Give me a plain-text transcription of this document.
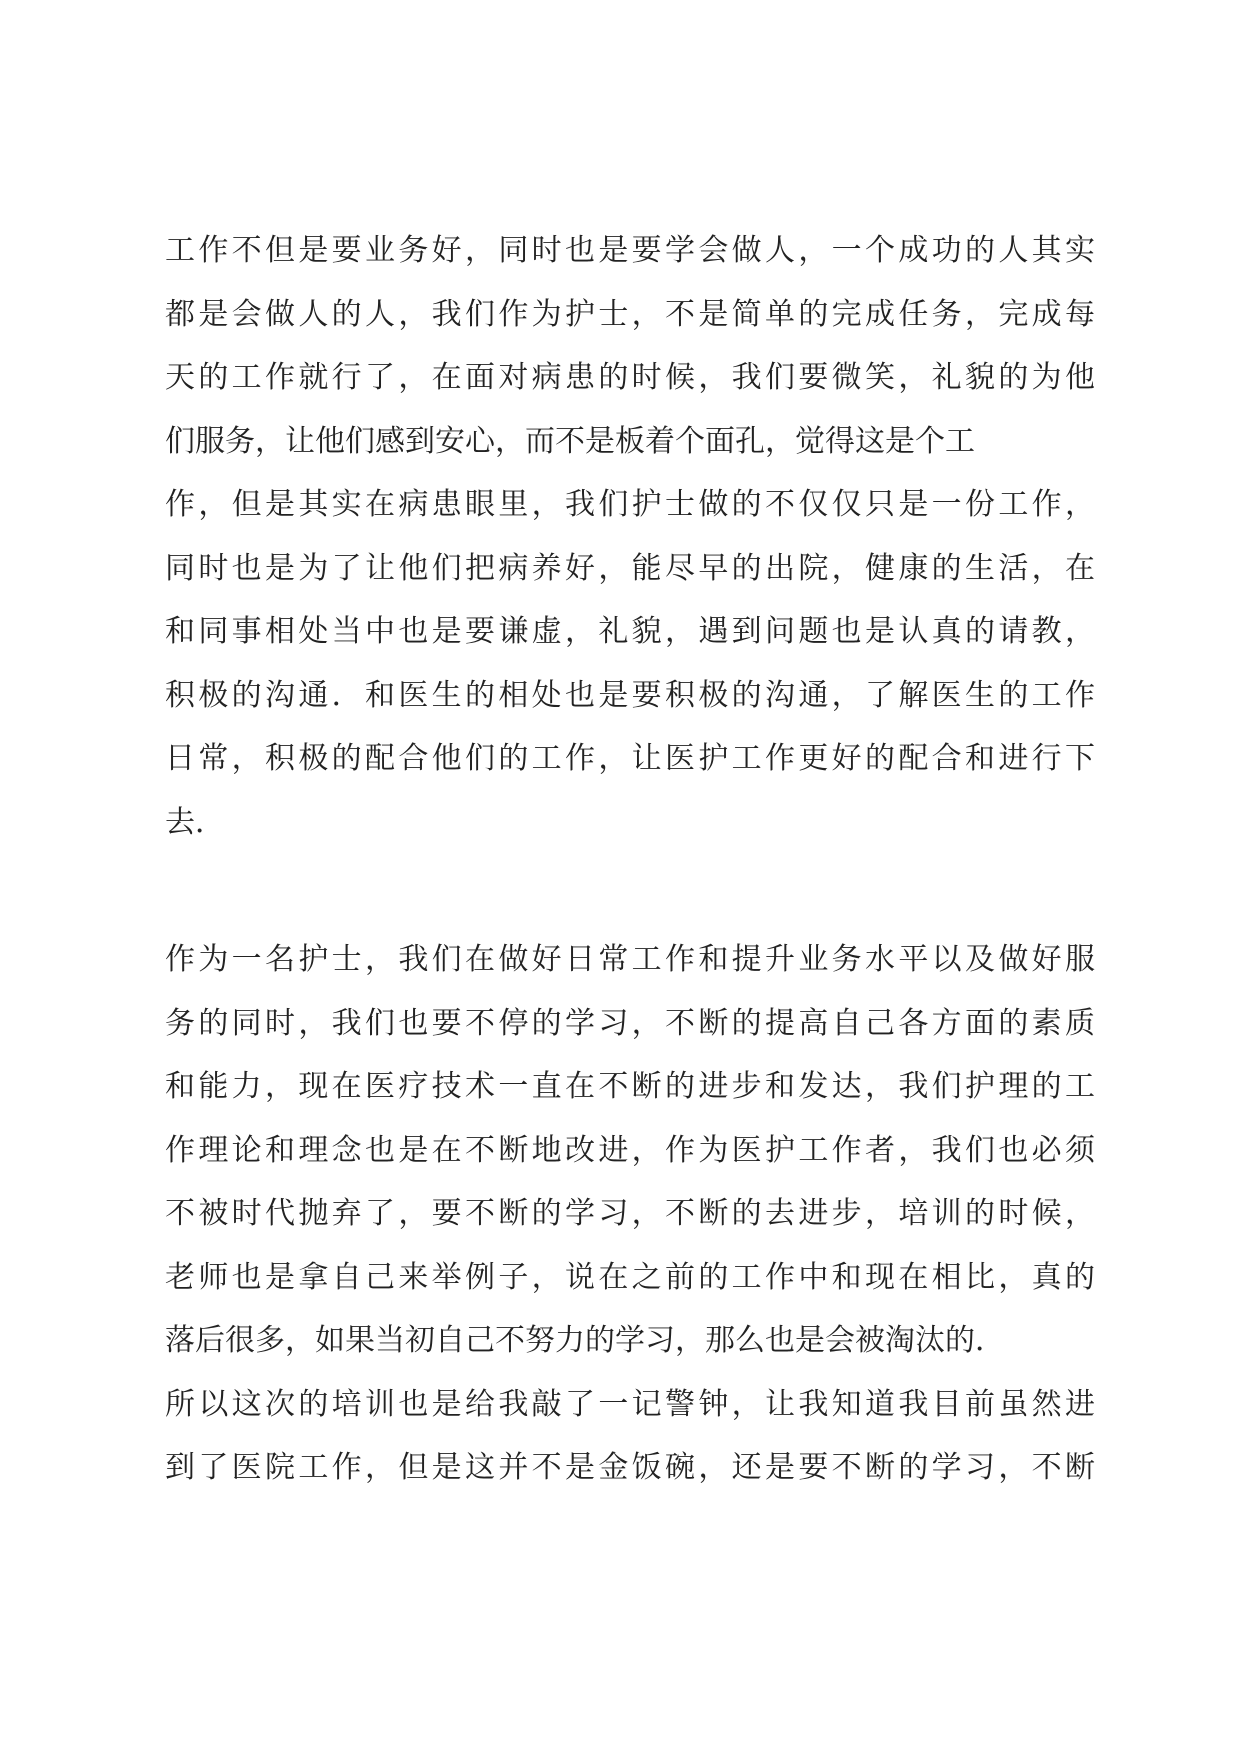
工作不但是要业务好，同时也是要学会做人，一个成功的人其实
都是会做人的人，我们作为护士，不是简单的完成任务，完成每
天的工作就行了，在面对病患的时候，我们要微笑，礼貌的为他
们服务，让他们感到安心，而不是板着个面孔，觉得这是个工
作，但是其实在病患眼里，我们护士做的不仅仅只是一份工作，
同时也是为了让他们把病养好，能尽早的出院，健康的生活，在
和同事相处当中也是要谦虚，礼貌，遇到问题也是认真的请教，
积极的沟通．和医生的相处也是要积极的沟通，了解医生的工作
日常，积极的配合他们的工作，让医护工作更好的配合和进行下
去．
作为一名护士，我们在做好日常工作和提升业务水平以及做好服
务的同时，我们也要不停的学习，不断的提高自己各方面的素质
和能力，现在医疗技术一直在不断的进步和发达，我们护理的工
作理论和理念也是在不断地改进，作为医护工作者，我们也必须
不被时代抛弃了，要不断的学习，不断的去进步，培训的时候，
老师也是拿自己来举例子，说在之前的工作中和现在相比，真的
落后很多，如果当初自己不努力的学习，那么也是会被淘汰的．
所以这次的培训也是给我敲了一记警钟，让我知道我目前虽然进
到了医院工作，但是这并不是金饭碗，还是要不断的学习，不断
